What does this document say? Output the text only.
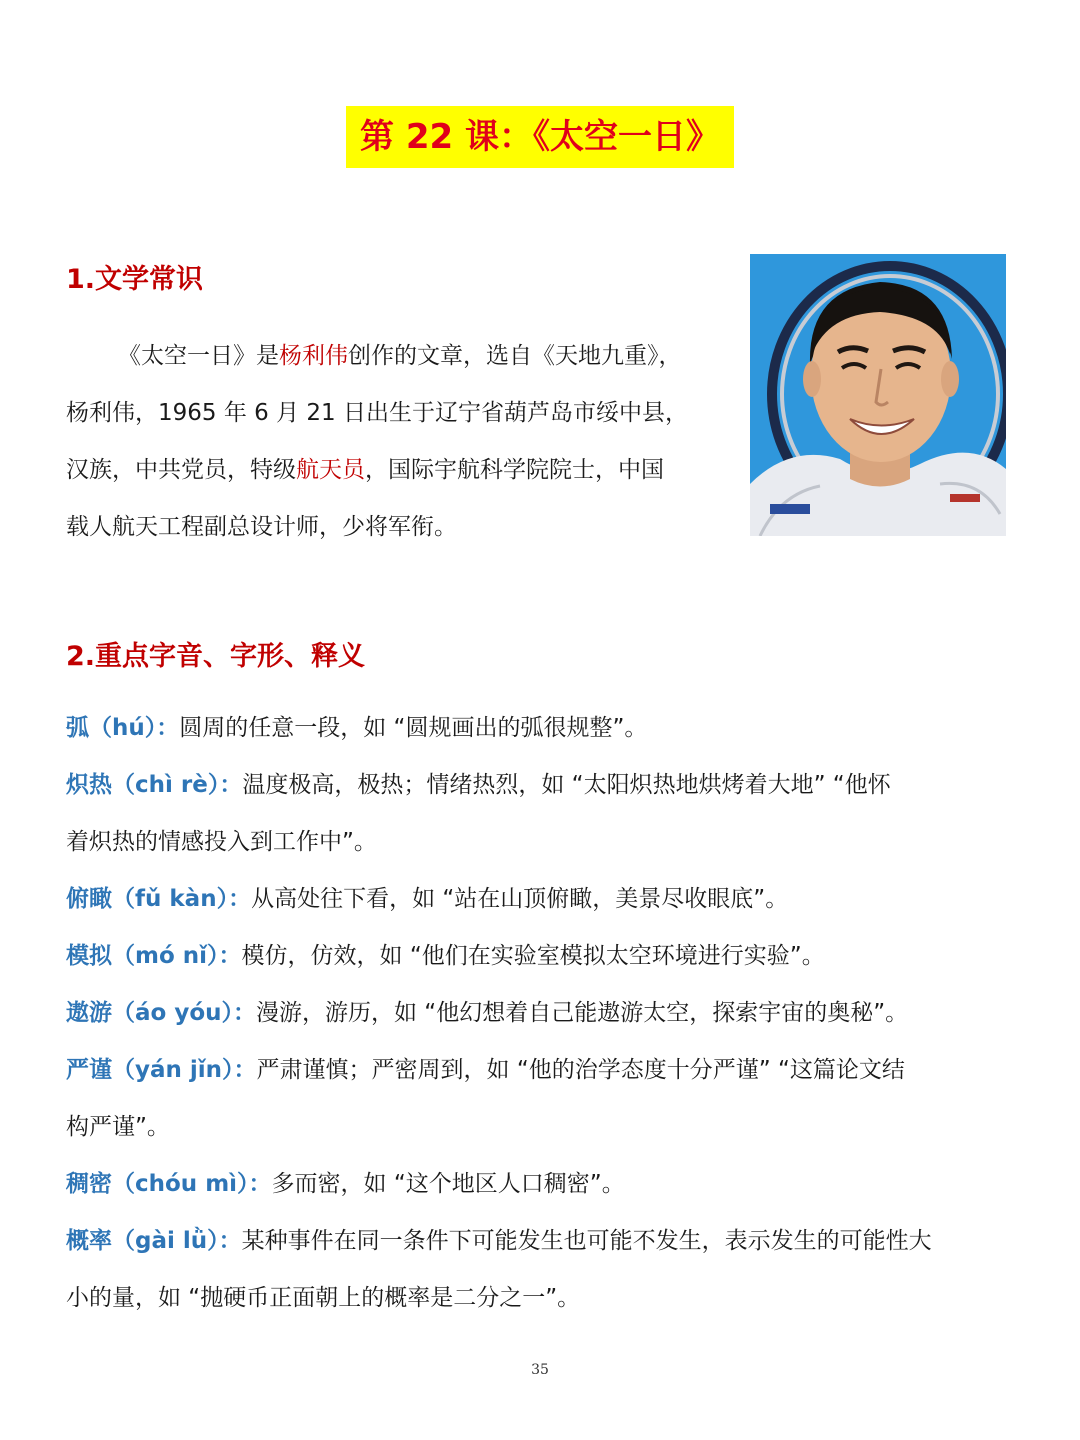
第 22 课：《太空一日》
1.文学常识
《太空一日》是杨利伟创作的文章，选自《天地九重》，
杨利伟，1965 年 6 月 21 日出生于辽宁省葫芦岛市绥中县，
汉族，中共党员，特级航天员，国际宇航科学院院士，中国
载人航天工程副总设计师，少将军衔。
2.重点字音、字形、释义
弧（hú）：圆周的任意一段，如 “圆规画出的弧很规整”。
炽热（chì rè）：温度极高，极热；情绪热烈，如 “太阳炽热地烘烤着大地” “他怀
着炽热的情感投入到工作中”。
俯瞰（fǔ kàn）：从高处往下看，如 “站在山顶俯瞰，美景尽收眼底”。
模拟（mó nǐ）：模仿，仿效，如 “他们在实验室模拟太空环境进行实验”。
遨游（áo yóu）：漫游，游历，如 “他幻想着自己能遨游太空，探索宇宙的奥秘”。
严谨（yán jǐn）：严肃谨慎；严密周到，如 “他的治学态度十分严谨” “这篇论文结
构严谨”。
稠密（chóu mì）：多而密，如 “这个地区人口稠密”。
概率（gài lǜ）：某种事件在同一条件下可能发生也可能不发生，表示发生的可能性大
小的量，如 “抛硬币正面朝上的概率是二分之一”。
35
